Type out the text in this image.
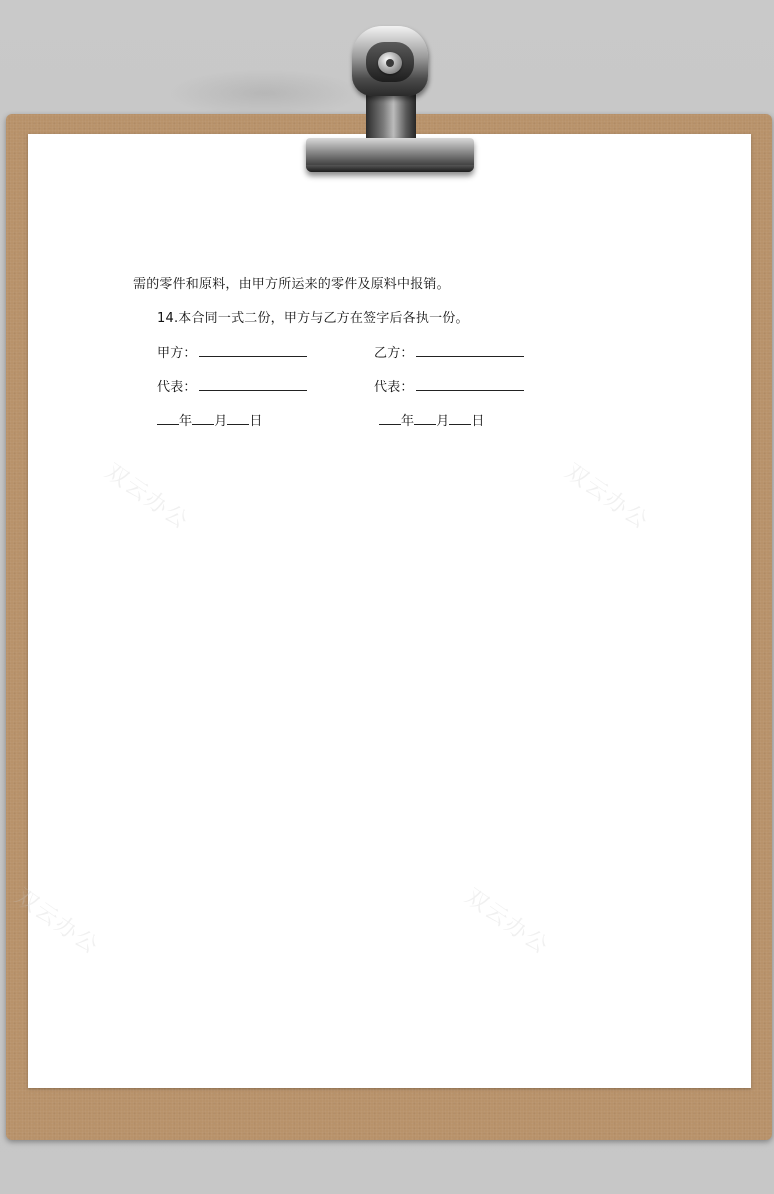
双云办公	双云办公
双云办公	双云办公
需的零件和原料，由甲方所运来的零件及原料中报销。
14.本合同一式二份，甲方与乙方在签字后各执一份。
甲方：	乙方：
代表：	代表：
年 月 日	年 月 日
